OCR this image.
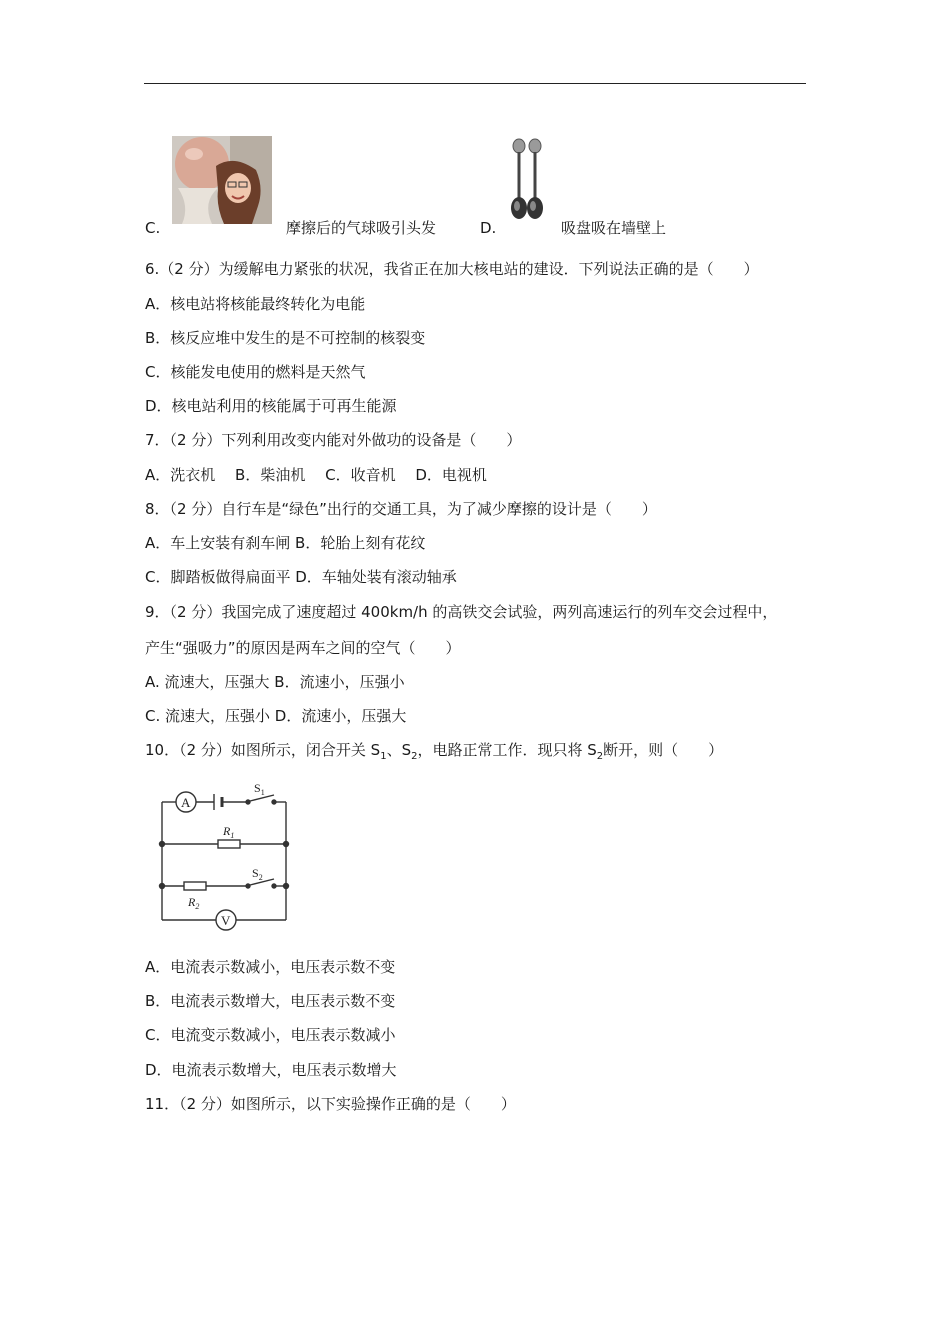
C.	摩擦后的气球吸引头发	D.	吸盘吸在墙壁上
6.（2 分）为缓解电力紧张的状况，我省正在加大核电站的建设．下列说法正确的是（　　）
A．核电站将核能最终转化为电能
B．核反应堆中发生的是不可控制的核裂变
C．核能发电使用的燃料是天然气
D．核电站利用的核能属于可再生能源
7．（2 分）下列利用改变内能对外做功的设备是（　　）
A．洗衣机　 B．柴油机　 C．收音机　 D．电视机
8．（2 分）自行车是“绿色”出行的交通工具，为了减少摩擦的设计是（　　）
A．车上安装有刹车闸 B．轮胎上刻有花纹
C．脚踏板做得扁面平 D．车轴处装有滚动轴承
9．（2 分）我国完成了速度超过 400km/h 的高铁交会试验，两列高速运行的列车交会过程中，
产生“强吸力”的原因是两车之间的空气（　　）
A. 流速大，压强大 B．流速小，压强小
C. 流速大，压强小 D．流速小，压强大
10．（2 分）如图所示，闭合开关 $S_1$、$S_2$，电路正常工作．现只将 $S_2$断开，则（　　）
A
V
$S_1$
$R_1$
$S_2$
$R_2$
A．电流表示数减小，电压表示数不变
B．电流表示数增大，电压表示数不变
C．电流变示数减小，电压表示数减小
D．电流表示数增大，电压表示数增大
11．（2 分）如图所示，以下实验操作正确的是（　　）
